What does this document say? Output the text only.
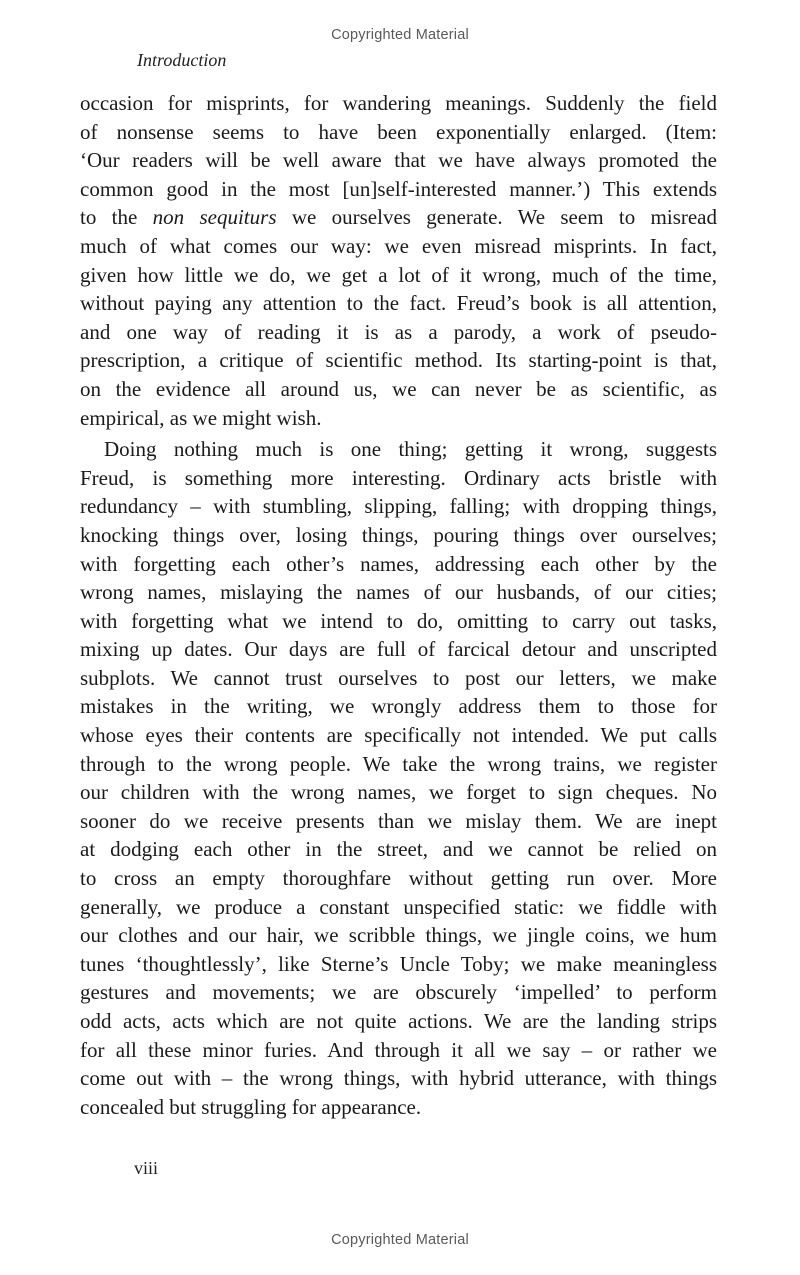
Copyrighted Material
Introduction
occasion for misprints, for wandering meanings. Suddenly the field
of nonsense seems to have been exponentially enlarged. (Item:
‘Our readers will be well aware that we have always promoted the
common good in the most [un]self-interested manner.’) This extends
to the non sequiturs we ourselves generate. We seem to misread
much of what comes our way: we even misread misprints. In fact,
given how little we do, we get a lot of it wrong, much of the time,
without paying any attention to the fact. Freud’s book is all attention,
and one way of reading it is as a parody, a work of pseudo-
prescription, a critique of scientific method. Its starting-point is that,
on the evidence all around us, we can never be as scientific, as
empirical, as we might wish.
Doing nothing much is one thing; getting it wrong, suggests
Freud, is something more interesting. Ordinary acts bristle with
redundancy – with stumbling, slipping, falling; with dropping things,
knocking things over, losing things, pouring things over ourselves;
with forgetting each other’s names, addressing each other by the
wrong names, mislaying the names of our husbands, of our cities;
with forgetting what we intend to do, omitting to carry out tasks,
mixing up dates. Our days are full of farcical detour and unscripted
subplots. We cannot trust ourselves to post our letters, we make
mistakes in the writing, we wrongly address them to those for
whose eyes their contents are specifically not intended. We put calls
through to the wrong people. We take the wrong trains, we register
our children with the wrong names, we forget to sign cheques. No
sooner do we receive presents than we mislay them. We are inept
at dodging each other in the street, and we cannot be relied on
to cross an empty thoroughfare without getting run over. More
generally, we produce a constant unspecified static: we fiddle with
our clothes and our hair, we scribble things, we jingle coins, we hum
tunes ‘thoughtlessly’, like Sterne’s Uncle Toby; we make meaningless
gestures and movements; we are obscurely ‘impelled’ to perform
odd acts, acts which are not quite actions. We are the landing strips
for all these minor furies. And through it all we say – or rather we
come out with – the wrong things, with hybrid utterance, with things
concealed but struggling for appearance.
viii
Copyrighted Material
